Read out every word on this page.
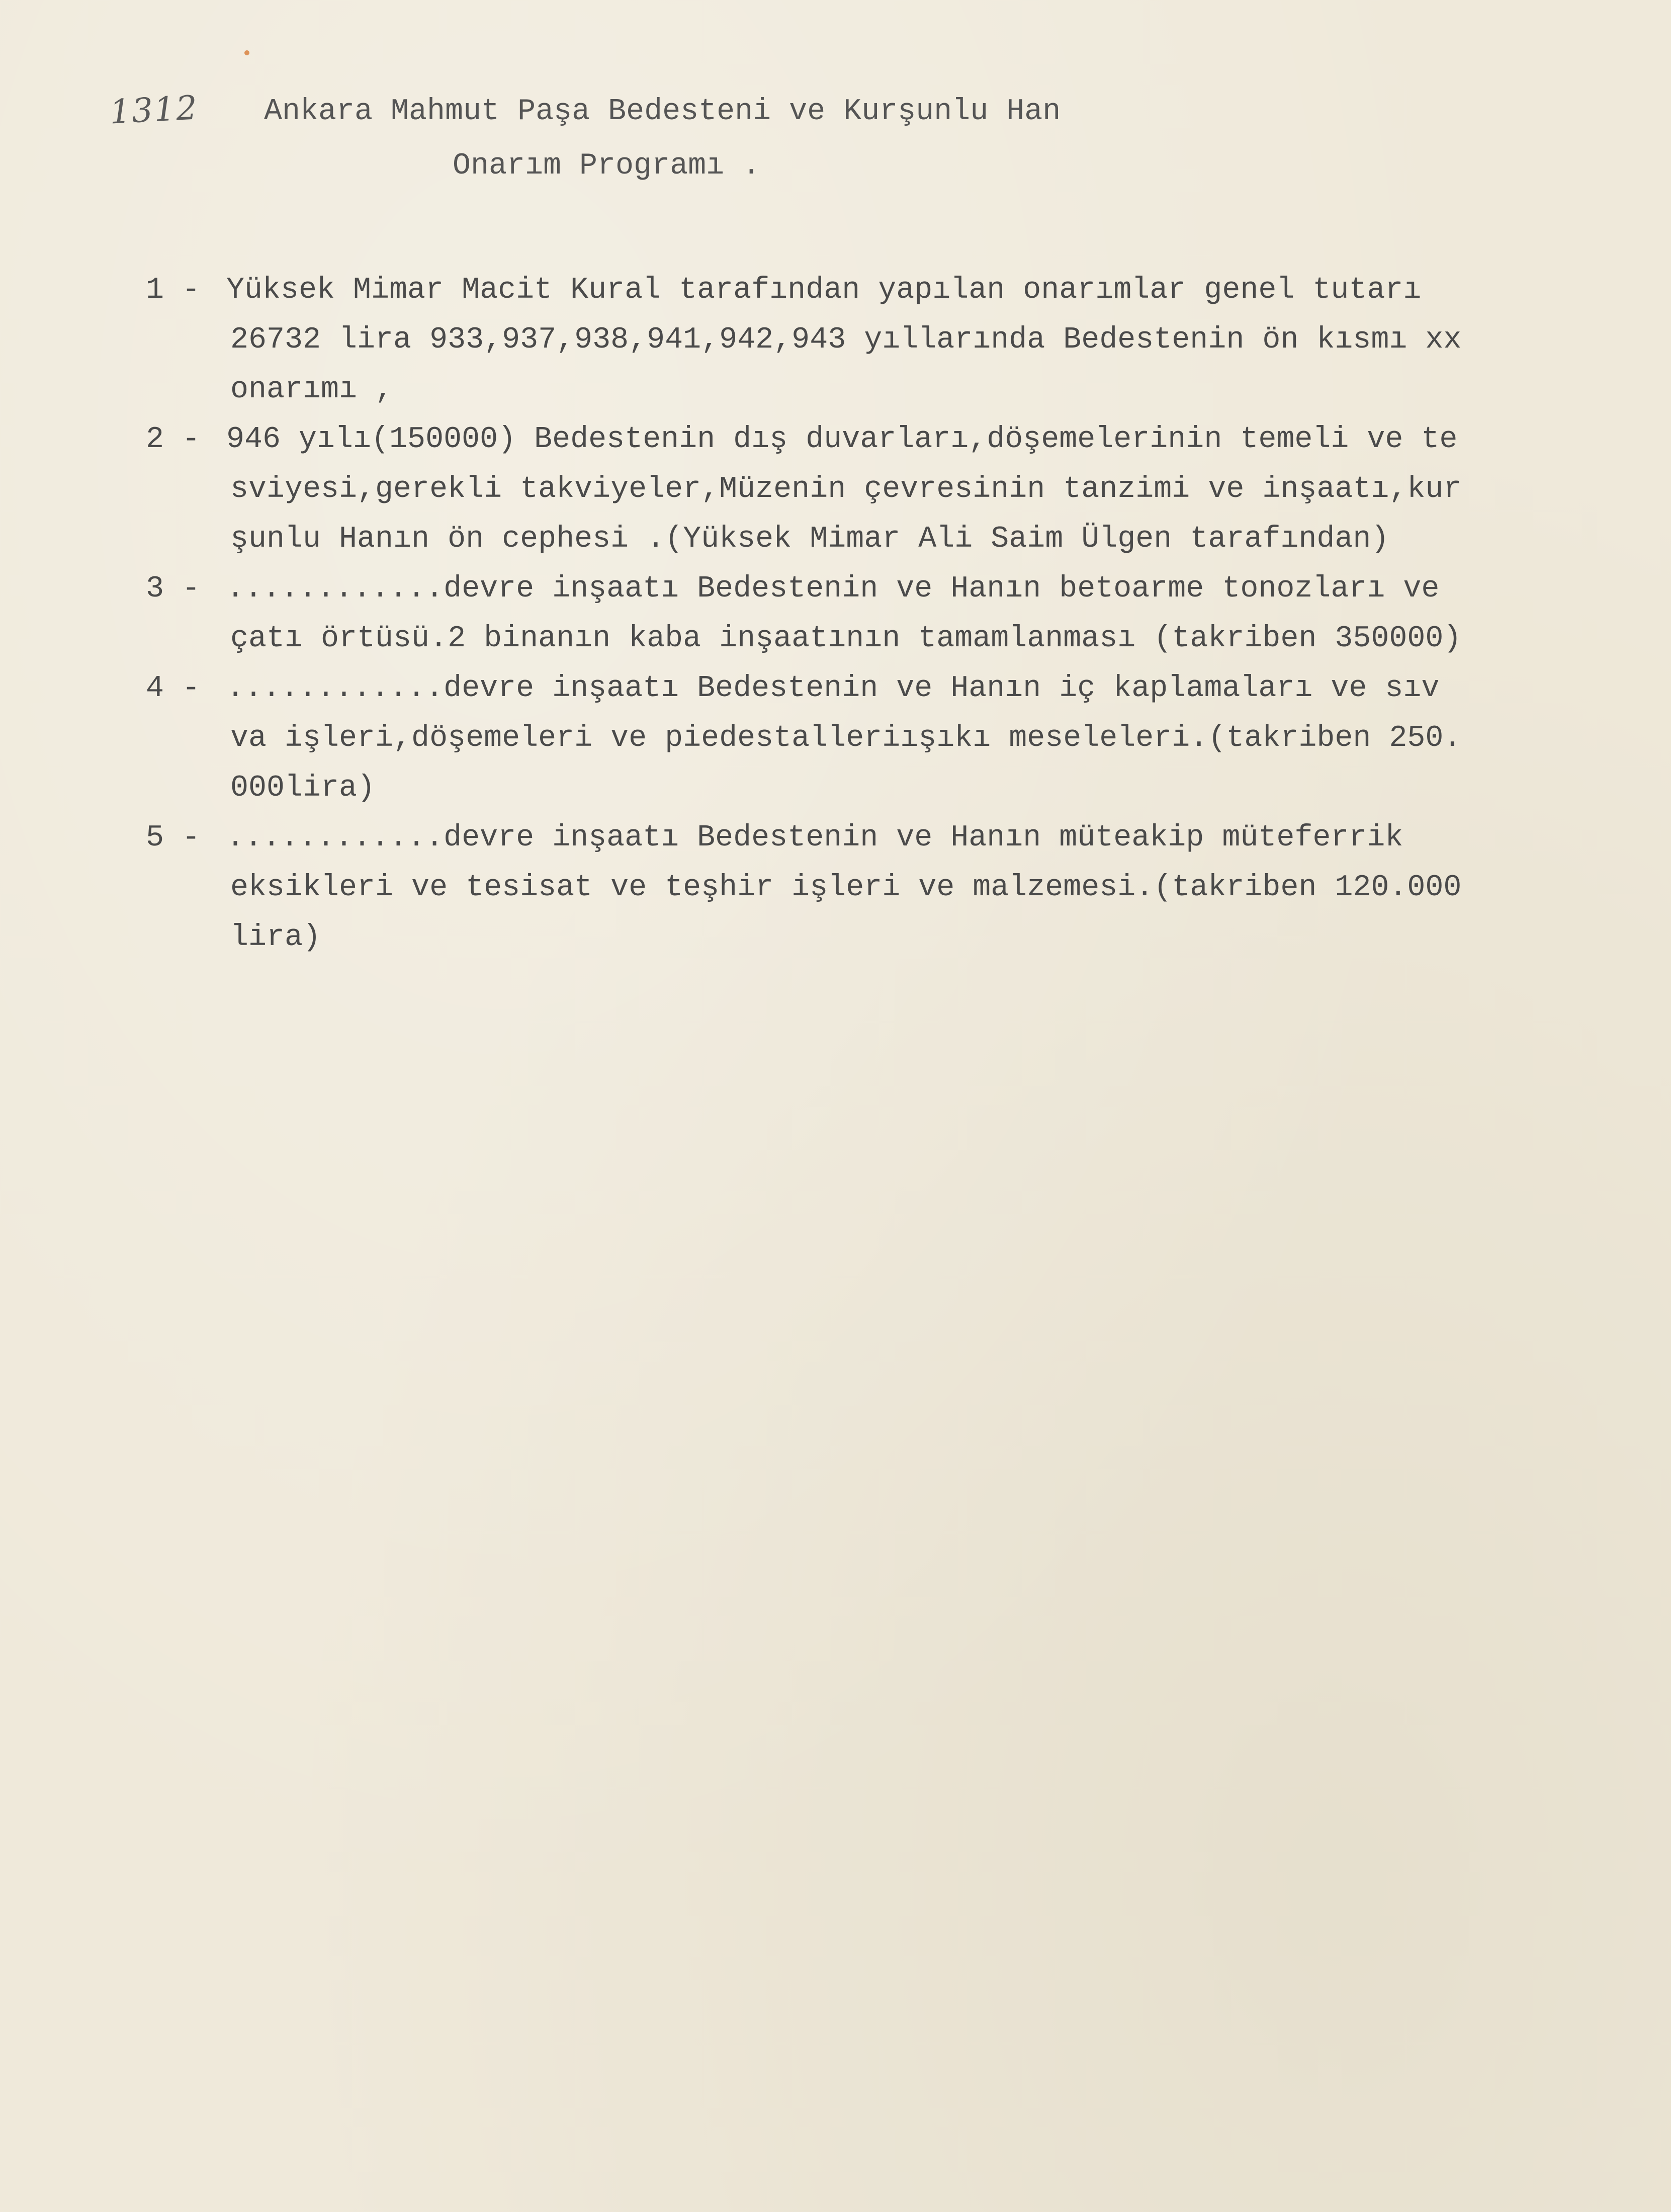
1312 Ankara Mahmut Paşa Bedesteni ve Kurşunlu Han
Onarım Programı .
1 - Yüksek Mimar Macit Kural tarafından yapılan onarımlar genel tutarı
26732 lira 933,937,938,941,942,943 yıllarında Bedestenin ön kısmı xx
onarımı ,
2 - 946 yılı(150000) Bedestenin dış duvarları,döşemelerinin temeli ve te
sviyesi,gerekli takviyeler,Müzenin çevresinin tanzimi ve inşaatı,kur
şunlu Hanın ön cephesi .(Yüksek Mimar Ali Saim Ülgen tarafından)
3 - ............devre inşaatı Bedestenin ve Hanın betoarme tonozları ve
çatı örtüsü.2 binanın kaba inşaatının tamamlanması (takriben 350000)
4 - ............devre inşaatı Bedestenin ve Hanın iç kaplamaları ve sıv
va işleri,döşemeleri ve piedestalleriışıkı meseleleri.(takriben 250.
000lira)
5 - ............devre inşaatı Bedestenin ve Hanın müteakip müteferrik
eksikleri ve tesisat ve teşhir işleri ve malzemesi.(takriben 120.000
lira)
